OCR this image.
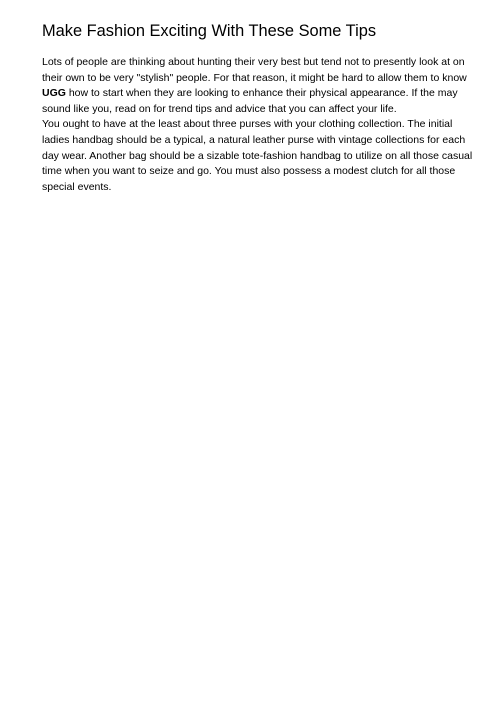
Make Fashion Exciting With These Some Tips
Lots of people are thinking about hunting their very best but tend not to presently look at on
their own to be very "stylish" people. For that reason, it might be hard to allow them to know
UGG how to start when they are looking to enhance their physical appearance. If the may
sound like you, read on for trend tips and advice that you can affect your life.
You ought to have at the least about three purses with your clothing collection. The initial
ladies handbag should be a typical, a natural leather purse with vintage collections for each
day wear. Another bag should be a sizable tote-fashion handbag to utilize on all those casual
time when you want to seize and go. You must also possess a modest clutch for all those
special events.
